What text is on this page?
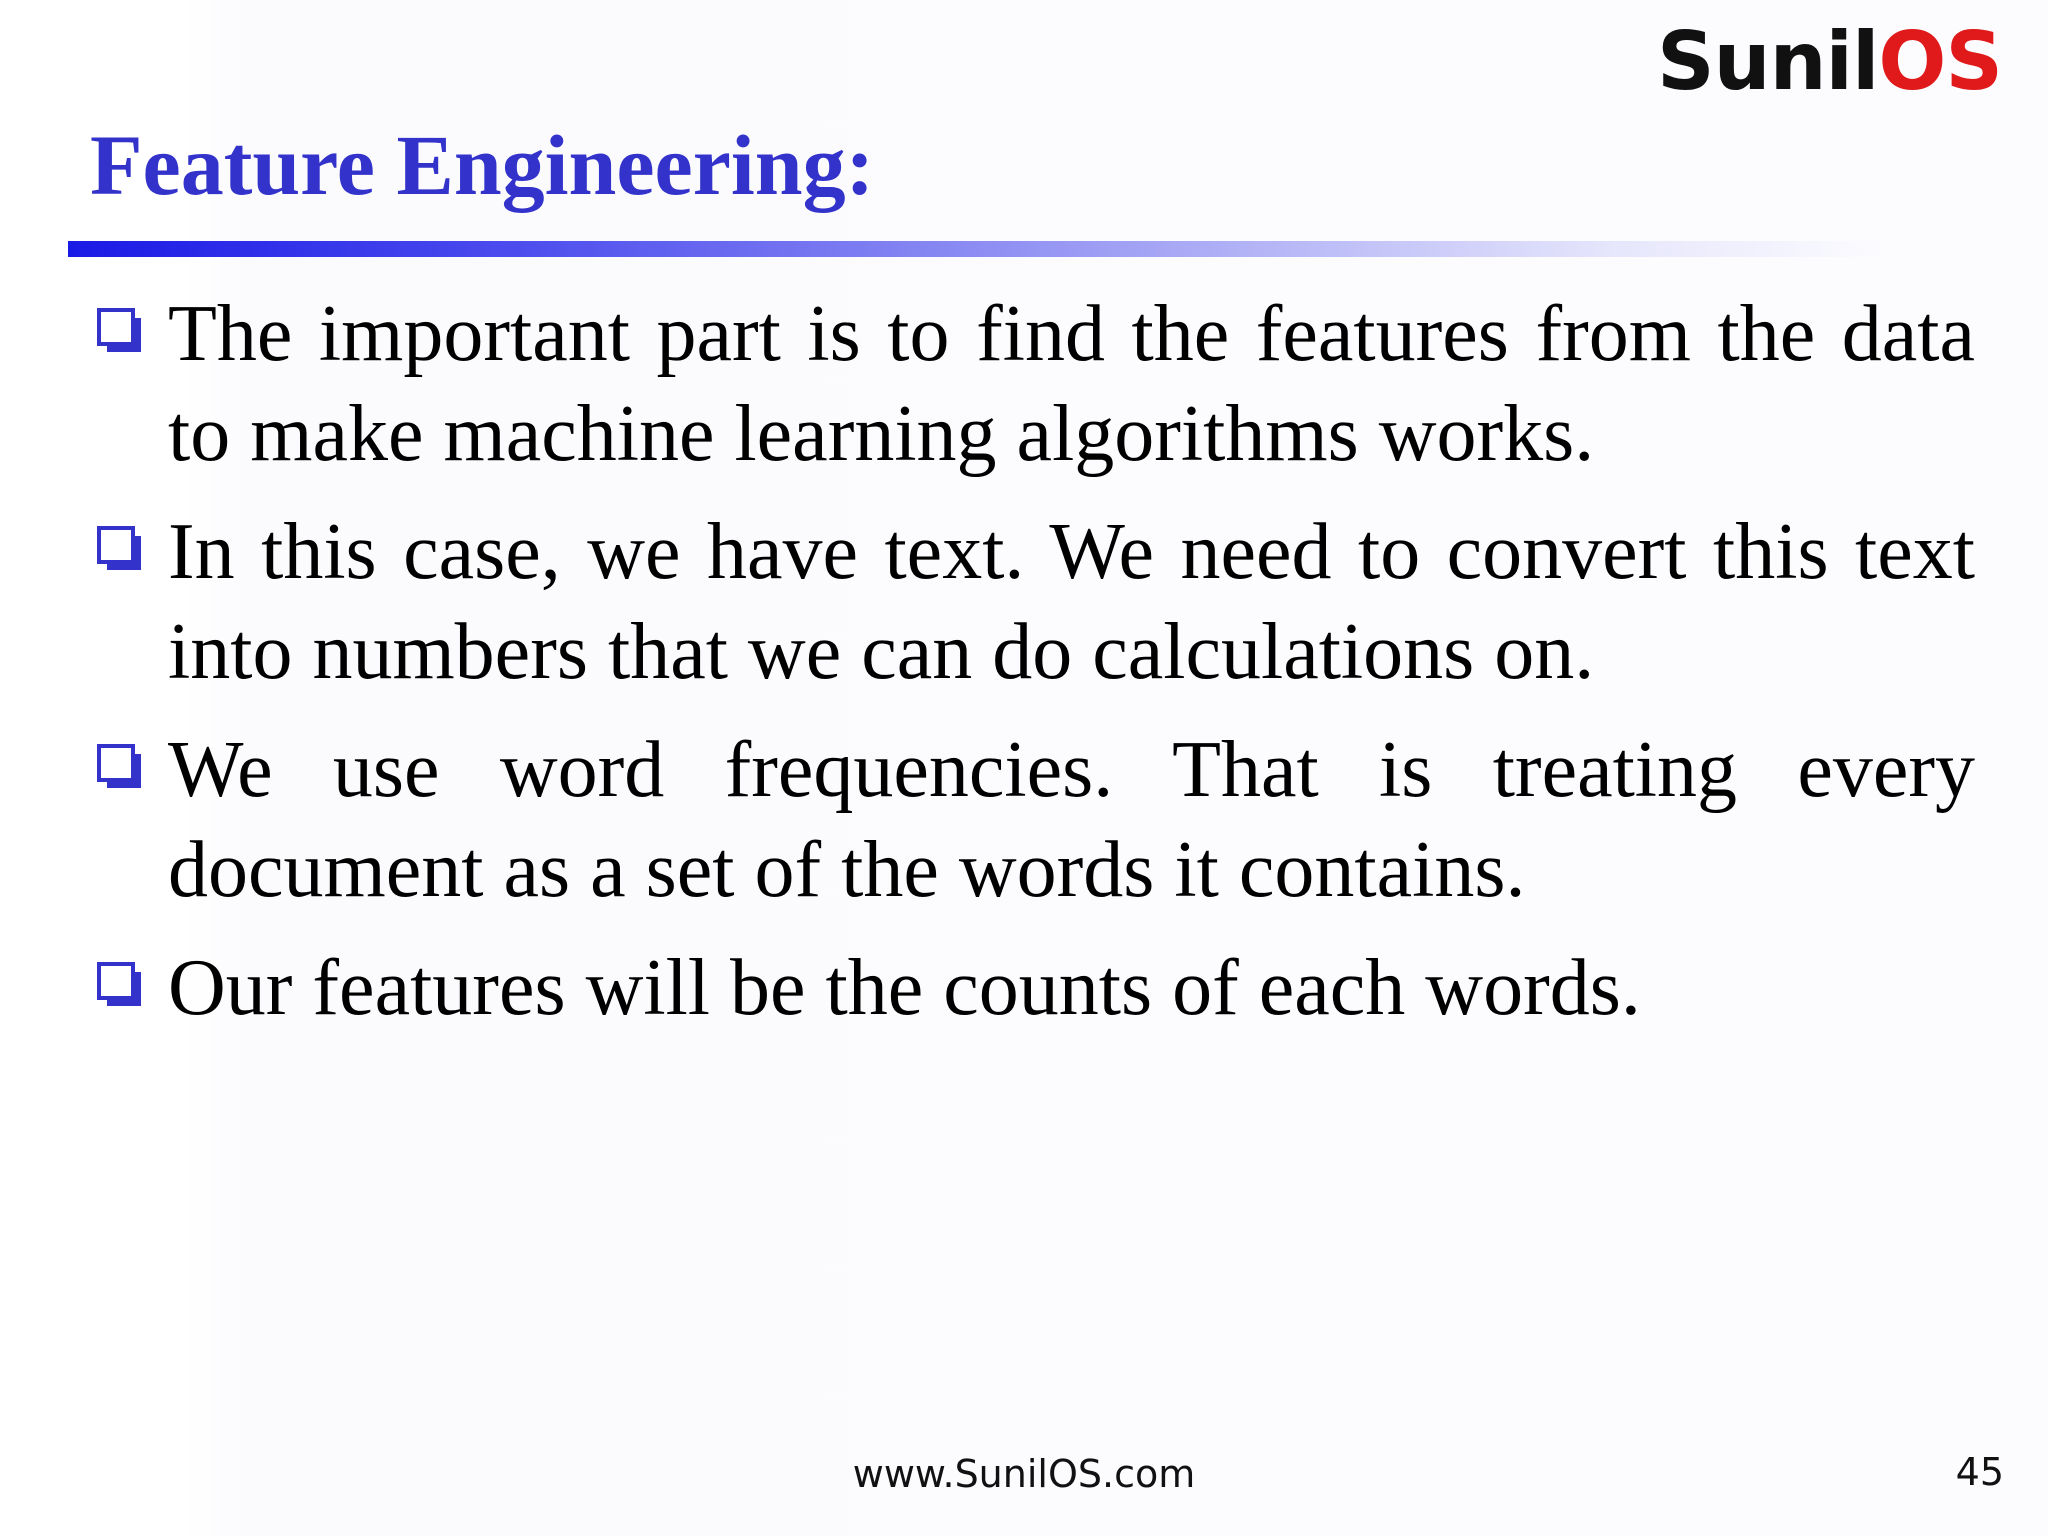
SunilOS
Feature Engineering:
The important part is to find the features from the data to make machine learning algorithms works.
In this case, we have text. We need to convert this text into numbers that we can do calculations on.
We use word frequencies. That is treating every document as a set of the words it contains.
Our features will be the counts of each words.
www.SunilOS.com	45
